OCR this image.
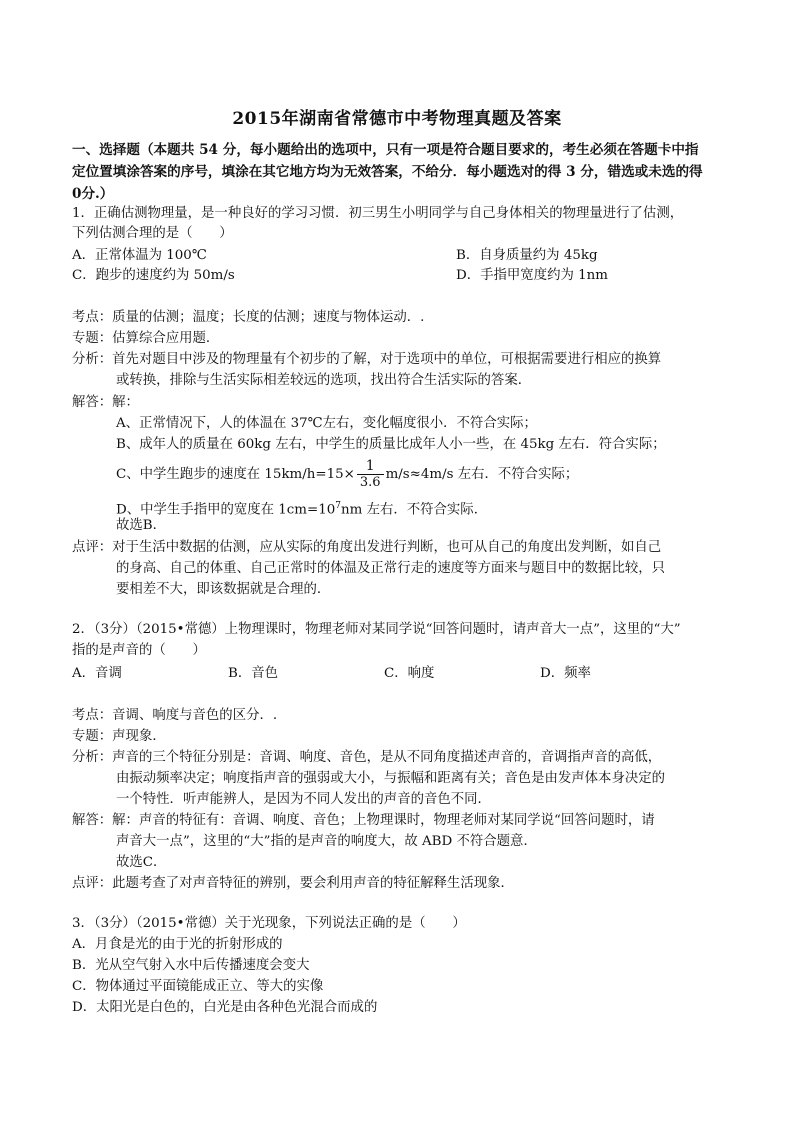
2015年湖南省常德市中考物理真题及答案
一、选择题（本题共 54 分，每小题给出的选项中，只有一项是符合题目要求的，考生必须在答题卡中指
定位置填涂答案的序号，填涂在其它地方均为无效答案，不给分．每小题选对的得 3 分，错选或未选的得
0分.）
1．正确估测物理量，是一种良好的学习习惯．初三男生小明同学与自己身体相关的物理量进行了估测，
下列估测合理的是（　　）
A．正常体温为 100℃	B．自身质量约为 45kg
C．跑步的速度约为 50m/s	D．手指甲宽度约为 1nm
考点：质量的估测；温度；长度的估测；速度与物体运动．.
专题：估算综合应用题．
分析：首先对题目中涉及的物理量有个初步的了解，对于选项中的单位，可根据需要进行相应的换算
或转换，排除与生活实际相差较远的选项，找出符合生活实际的答案．
解答：解：
A、正常情况下，人的体温在 37℃左右，变化幅度很小．不符合实际；
B、成年人的质量在 60kg 左右，中学生的质量比成年人小一些，在 45kg 左右．符合实际；
C、中学生跑步的速度在 $15km/h=15\times \frac{1}{3.6} m/s\approx 4m/s$ 左右．不符合实际；
D、中学生手指甲的宽度在 $1cm=10^7nm$ 左右．不符合实际．
故选B．
点评：对于生活中数据的估测，应从实际的角度出发进行判断，也可从自己的角度出发判断，如自己
的身高、自己的体重、自己正常时的体温及正常行走的速度等方面来与题目中的数据比较，只
要相差不大，即该数据就是合理的．
2．（3分）（2015•常德）上物理课时，物理老师对某同学说“回答问题时，请声音大一点”，这里的“大”
指的是声音的（　　）
A．音调	B．音色	C．响度	D．频率
考点：音调、响度与音色的区分．.
专题：声现象．
分析：声音的三个特征分别是：音调、响度、音色，是从不同角度描述声音的，音调指声音的高低，
由振动频率决定；响度指声音的强弱或大小，与振幅和距离有关；音色是由发声体本身决定的
一个特性．听声能辨人，是因为不同人发出的声音的音色不同．
解答：解：声音的特征有：音调、响度、音色；上物理课时，物理老师对某同学说“回答问题时，请
声音大一点”，这里的“大”指的是声音的响度大，故 ABD 不符合题意．
故选C．
点评：此题考查了对声音特征的辨别，要会利用声音的特征解释生活现象．
3．（3分）（2015•常德）关于光现象，下列说法正确的是（　　）
A．月食是光的由于光的折射形成的
B．光从空气射入水中后传播速度会变大
C．物体通过平面镜能成正立、等大的实像
D．太阳光是白色的，白光是由各种色光混合而成的
